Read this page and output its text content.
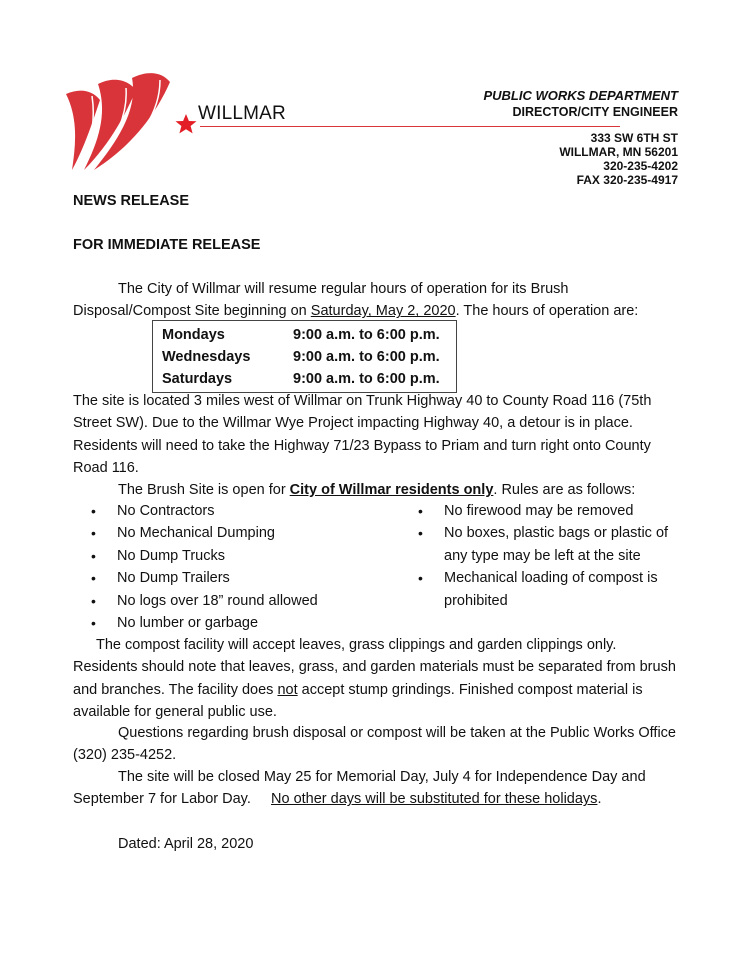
WILLMAR
PUBLIC WORKS DEPARTMENT
DIRECTOR/CITY ENGINEER
333 SW 6TH ST
WILLMAR, MN 56201
320-235-4202
FAX 320-235-4917
NEWS RELEASE
FOR IMMEDIATE RELEASE

The City of Willmar will resume regular hours of operation for its Brush Disposal/Compost Site beginning on Saturday, May 2, 2020. The hours of operation are:

Mondays	9:00 a.m. to 6:00 p.m.
Wednesdays	9:00 a.m. to 6:00 p.m.
Saturdays	9:00 a.m. to 6:00 p.m.

The site is located 3 miles west of Willmar on Trunk Highway 40 to County Road 116 (75th Street SW). Due to the Willmar Wye Project impacting Highway 40, a detour is in place. Residents will need to take the Highway 71/23 Bypass to Priam and turn right onto County Road 116.

The Brush Site is open for City of Willmar residents only. Rules are as follows:

• No Contractors
• No Mechanical Dumping
• No Dump Trucks
• No Dump Trailers
• No logs over 18” round allowed
• No lumber or garbage
• No firewood may be removed
• No boxes, plastic bags or plastic of any type may be left at the site
• Mechanical loading of compost is prohibited

The compost facility will accept leaves, grass clippings and garden clippings only. Residents should note that leaves, grass, and garden materials must be separated from brush and branches. The facility does not accept stump grindings. Finished compost material is available for general public use.

Questions regarding brush disposal or compost will be taken at the Public Works Office (320) 235-4252.

The site will be closed May 25 for Memorial Day, July 4 for Independence Day and September 7 for Labor Day.     No other days will be substituted for these holidays.

Dated: April 28, 2020
